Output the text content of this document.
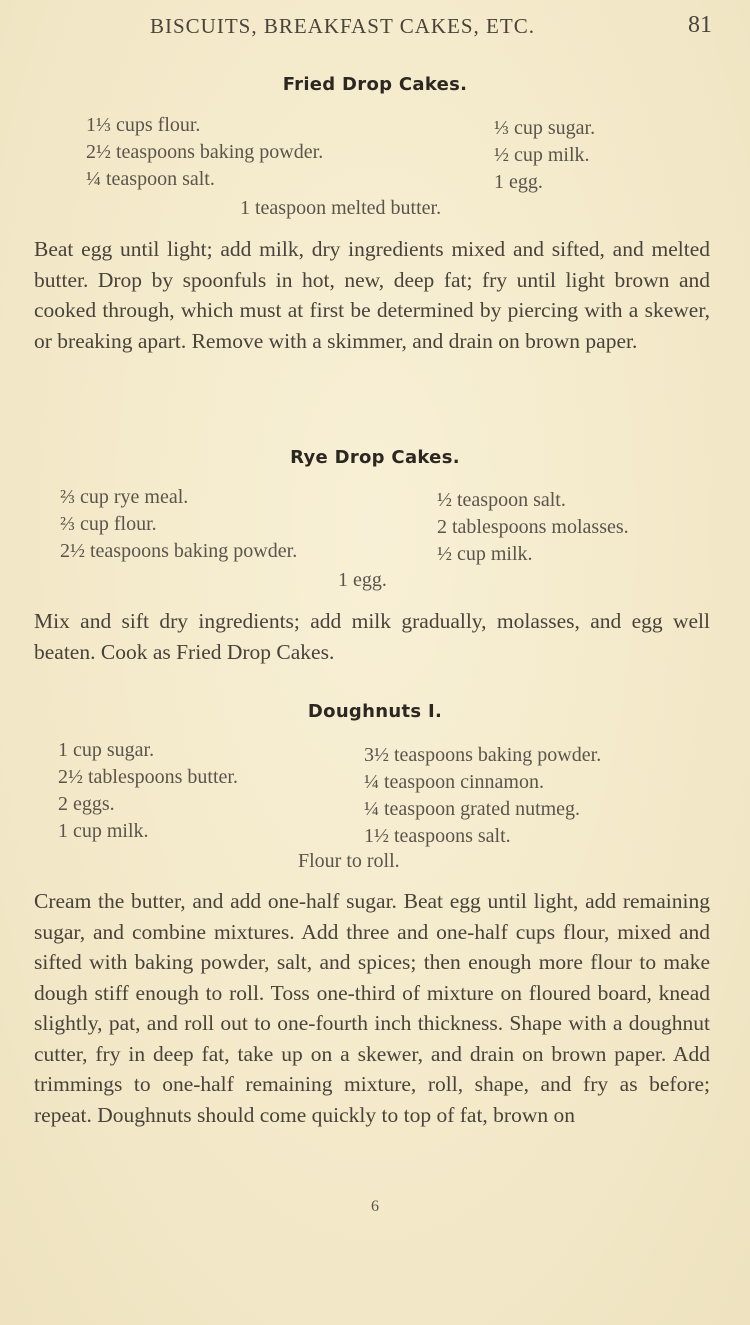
BISCUITS, BREAKFAST CAKES, ETC.	81
Fried Drop Cakes.
1⅓ cups flour.
2½ teaspoons baking powder.
¼ teaspoon salt.
⅓ cup sugar.
½ cup milk.
1 egg.
1 teaspoon melted butter.
Beat egg until light; add milk, dry ingredients mixed and sifted, and melted butter. Drop by spoonfuls in hot, new, deep fat; fry until light brown and cooked through, which must at first be determined by piercing with a skewer, or breaking apart. Remove with a skimmer, and drain on brown paper.
Rye Drop Cakes.
⅔ cup rye meal.
⅔ cup flour.
2½ teaspoons baking powder.
½ teaspoon salt.
2 tablespoons molasses.
½ cup milk.
1 egg.
Mix and sift dry ingredients; add milk gradually, molasses, and egg well beaten. Cook as Fried Drop Cakes.
Doughnuts I.
1 cup sugar.
2½ tablespoons butter.
2 eggs.
1 cup milk.
3½ teaspoons baking powder.
¼ teaspoon cinnamon.
¼ teaspoon grated nutmeg.
1½ teaspoons salt.
Flour to roll.
Cream the butter, and add one-half sugar. Beat egg until light, add remaining sugar, and combine mixtures. Add three and one-half cups flour, mixed and sifted with baking powder, salt, and spices; then enough more flour to make dough stiff enough to roll. Toss one-third of mixture on floured board, knead slightly, pat, and roll out to one-fourth inch thickness. Shape with a doughnut cutter, fry in deep fat, take up on a skewer, and drain on brown paper. Add trimmings to one-half remaining mixture, roll, shape, and fry as before; repeat. Doughnuts should come quickly to top of fat, brown on
6
